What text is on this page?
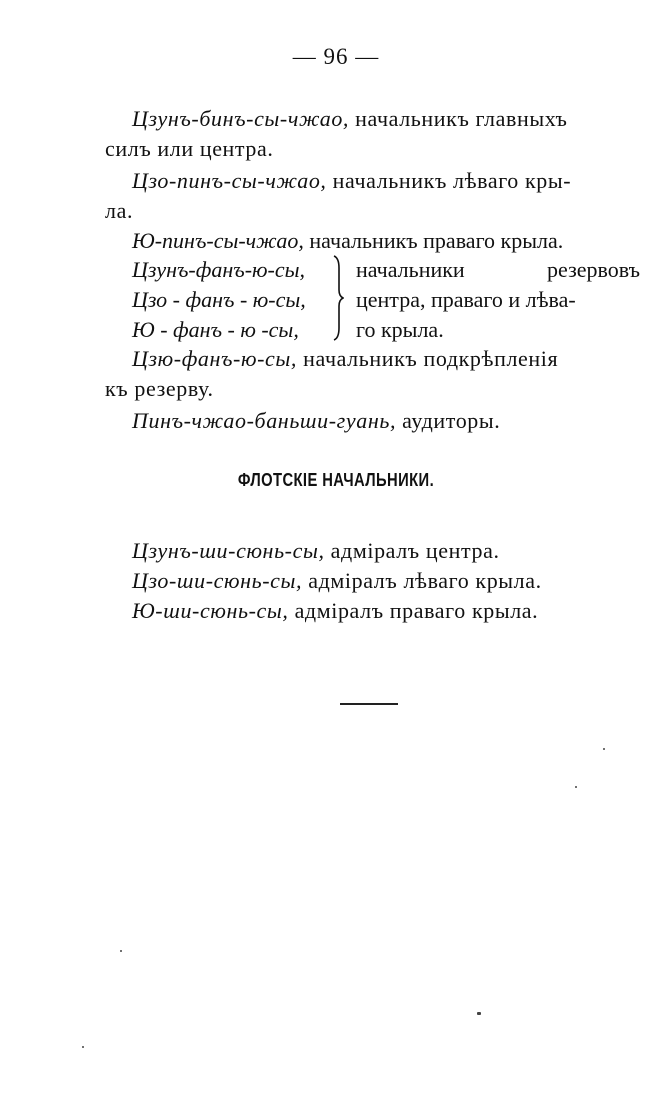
— 96 —
Цзунъ-бинъ-сы-чжао, начальникъ главныхъ
силъ или центра.
Цзо-пинъ-сы-чжао, начальникъ лѣваго кры-
ла.
Ю-пинъ-сы-чжао, начальникъ праваго крыла.
Цзунъ-фанъ-ю-сы,
Цзо - фанъ - ю-сы,
Ю - фанъ - ю -сы,
начальники резервовъ
центра, праваго и лѣва-
го крыла.
Цзю-фанъ-ю-сы, начальникъ подкрѣпленія
къ резерву.
Пинъ-чжао-баньши-гуань, аудиторы.
ФЛОТСКІЕ НАЧАЛЬНИКИ.
Цзунъ-ши-сюнь-сы, адміралъ центра.
Цзо-ши-сюнь-сы, адміралъ лѣваго крыла.
Ю-ши-сюнь-сы, адміралъ праваго крыла.
